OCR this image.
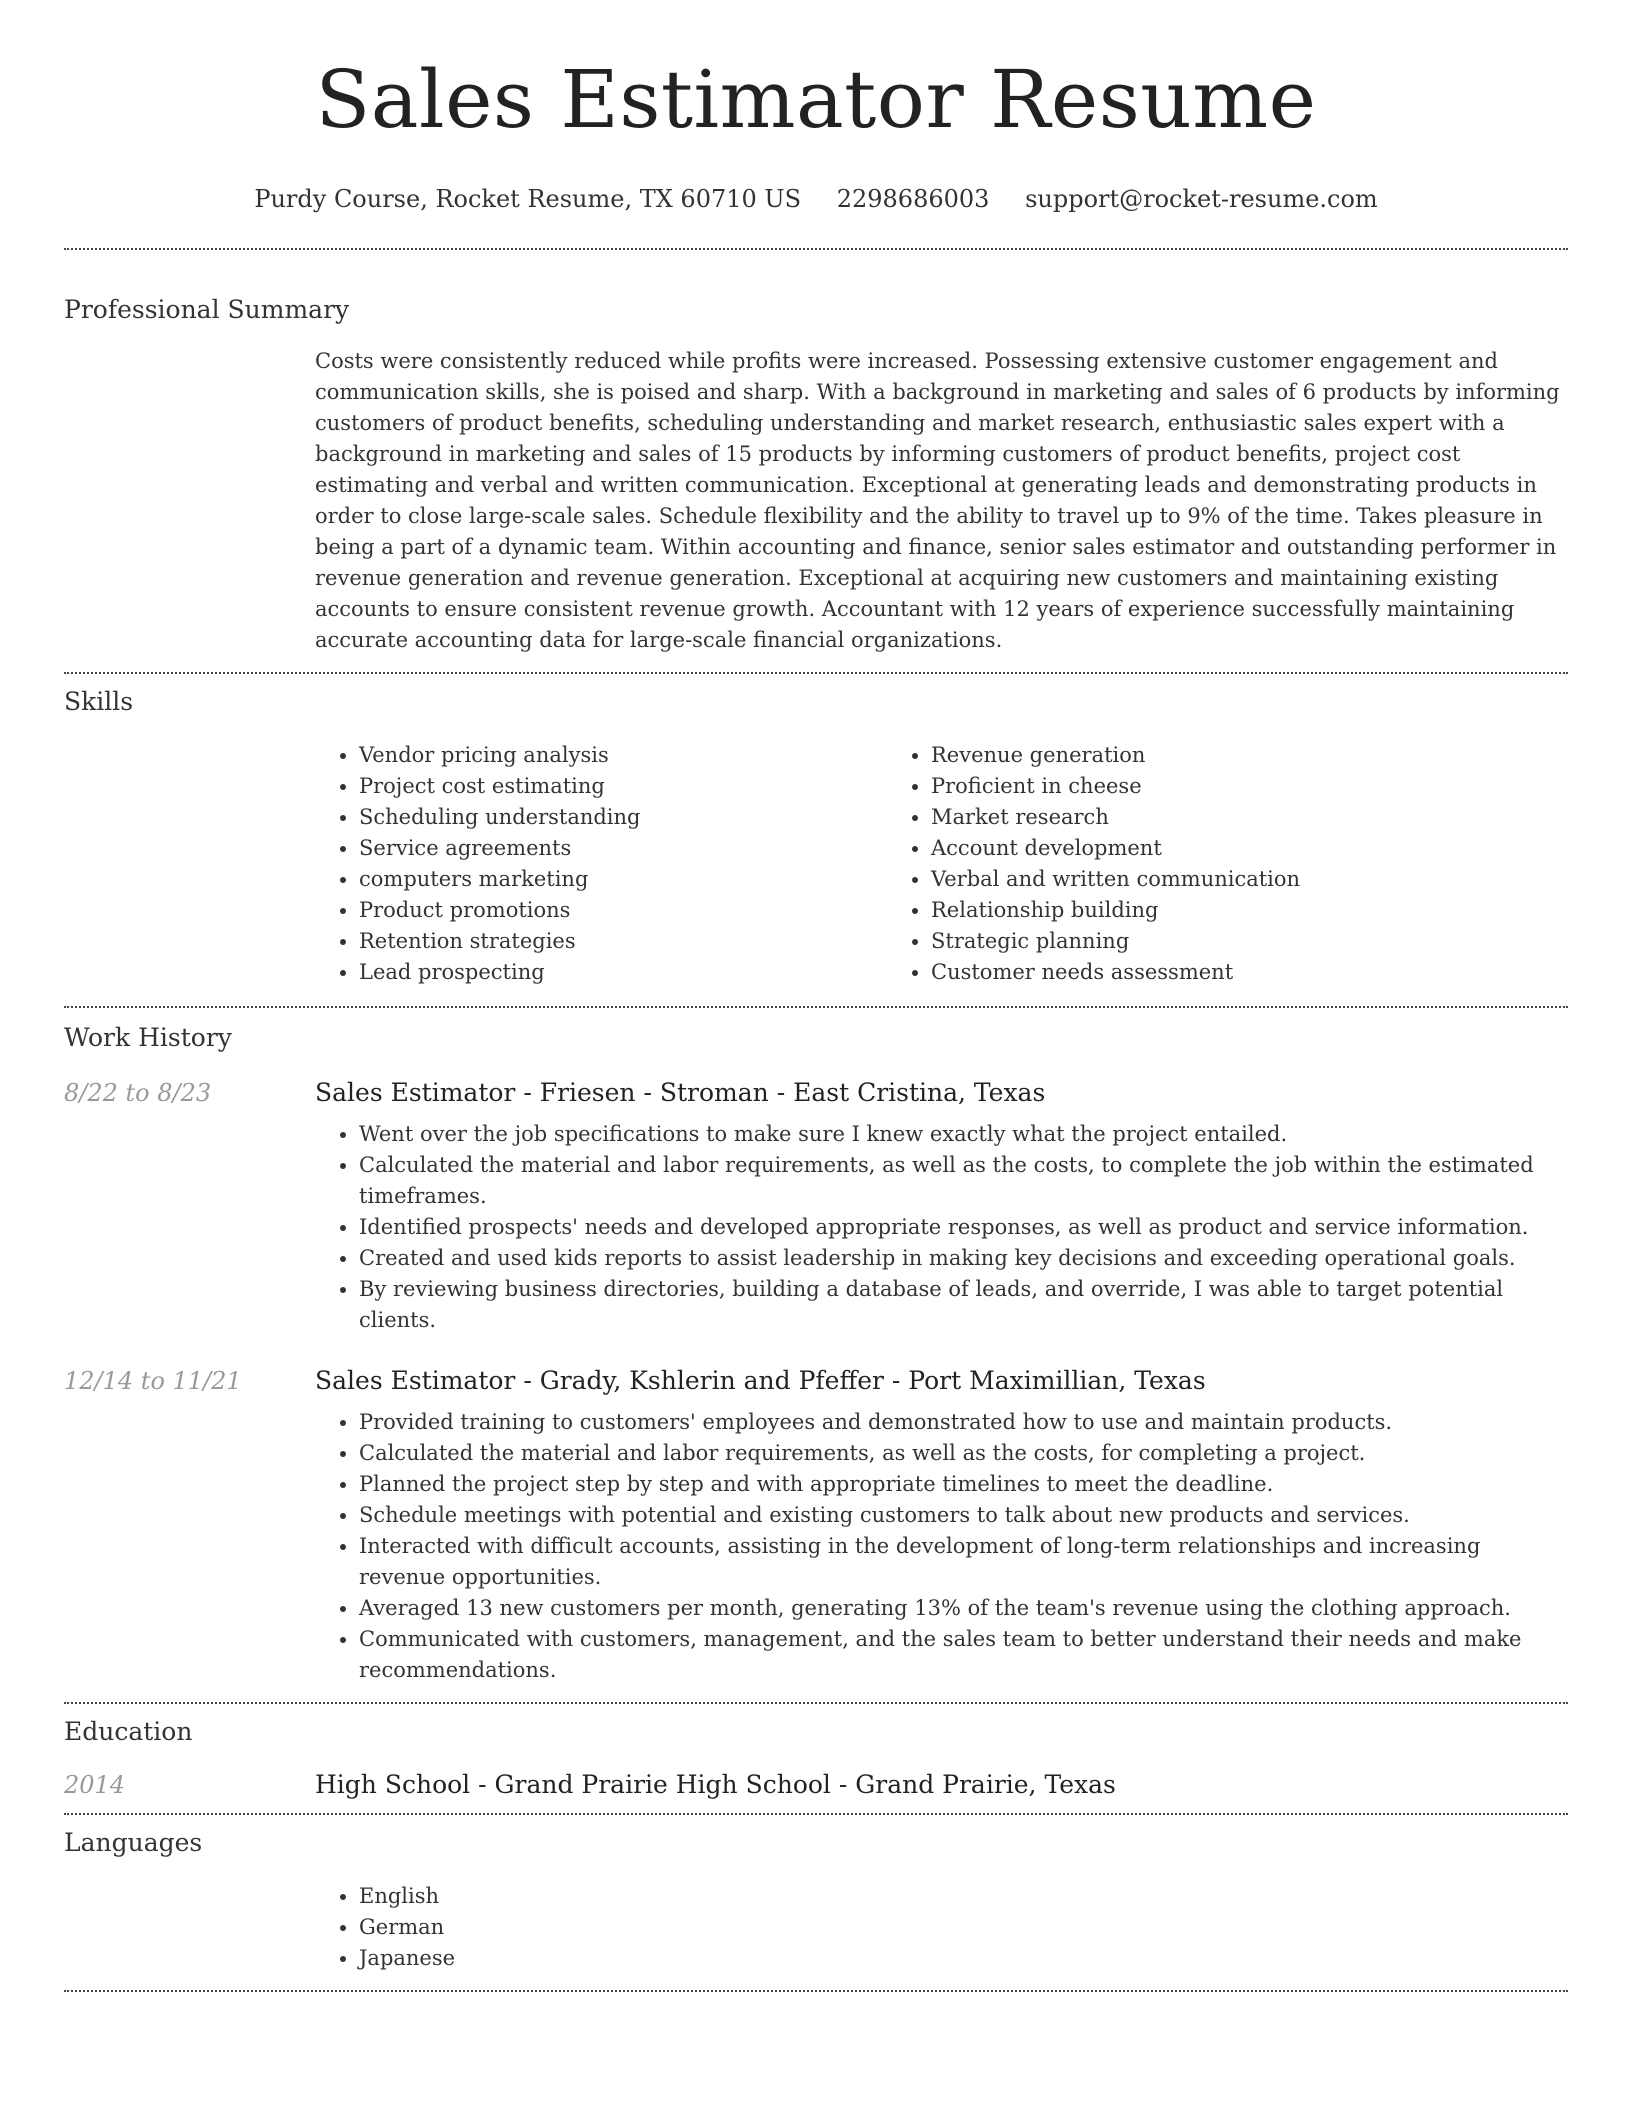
Sales Estimator Resume
Purdy Course, Rocket Resume, TX 60710 US 2298686003 support@rocket-resume.com
Professional Summary

Costs were consistently reduced while profits were increased. Possessing extensive customer engagement and communication skills, she is poised and sharp. With a background in marketing and sales of 6 products by informing customers of product benefits, scheduling understanding and market research, enthusiastic sales expert with a background in marketing and sales of 15 products by informing customers of product benefits, project cost estimating and verbal and written communication. Exceptional at generating leads and demonstrating products in order to close large-scale sales. Schedule flexibility and the ability to travel up to 9% of the time. Takes pleasure in being a part of a dynamic team. Within accounting and finance, senior sales estimator and outstanding performer in revenue generation and revenue generation. Exceptional at acquiring new customers and maintaining existing accounts to ensure consistent revenue growth. Accountant with 12 years of experience successfully maintaining accurate accounting data for large-scale financial organizations.

Skills
• Vendor pricing analysis
• Project cost estimating
• Scheduling understanding
• Service agreements
• computers marketing
• Product promotions
• Retention strategies
• Lead prospecting
• Revenue generation
• Proficient in cheese
• Market research
• Account development
• Verbal and written communication
• Relationship building
• Strategic planning
• Customer needs assessment
Work History
8/22 to 8/23	Sales Estimator - Friesen - Stroman - East Cristina, Texas
• Went over the job specifications to make sure I knew exactly what the project entailed.
• Calculated the material and labor requirements, as well as the costs, to complete the job within the estimated timeframes.
• Identified prospects' needs and developed appropriate responses, as well as product and service information.
• Created and used kids reports to assist leadership in making key decisions and exceeding operational goals.
• By reviewing business directories, building a database of leads, and override, I was able to target potential clients.
12/14 to 11/21	Sales Estimator - Grady, Kshlerin and Pfeffer - Port Maximillian, Texas
• Provided training to customers' employees and demonstrated how to use and maintain products.
• Calculated the material and labor requirements, as well as the costs, for completing a project.
• Planned the project step by step and with appropriate timelines to meet the deadline.
• Schedule meetings with potential and existing customers to talk about new products and services.
• Interacted with difficult accounts, assisting in the development of long-term relationships and increasing revenue opportunities.
• Averaged 13 new customers per month, generating 13% of the team's revenue using the clothing approach.
• Communicated with customers, management, and the sales team to better understand their needs and make recommendations.
Education
2014	High School - Grand Prairie High School - Grand Prairie, Texas
Languages
• English
• German
• Japanese
